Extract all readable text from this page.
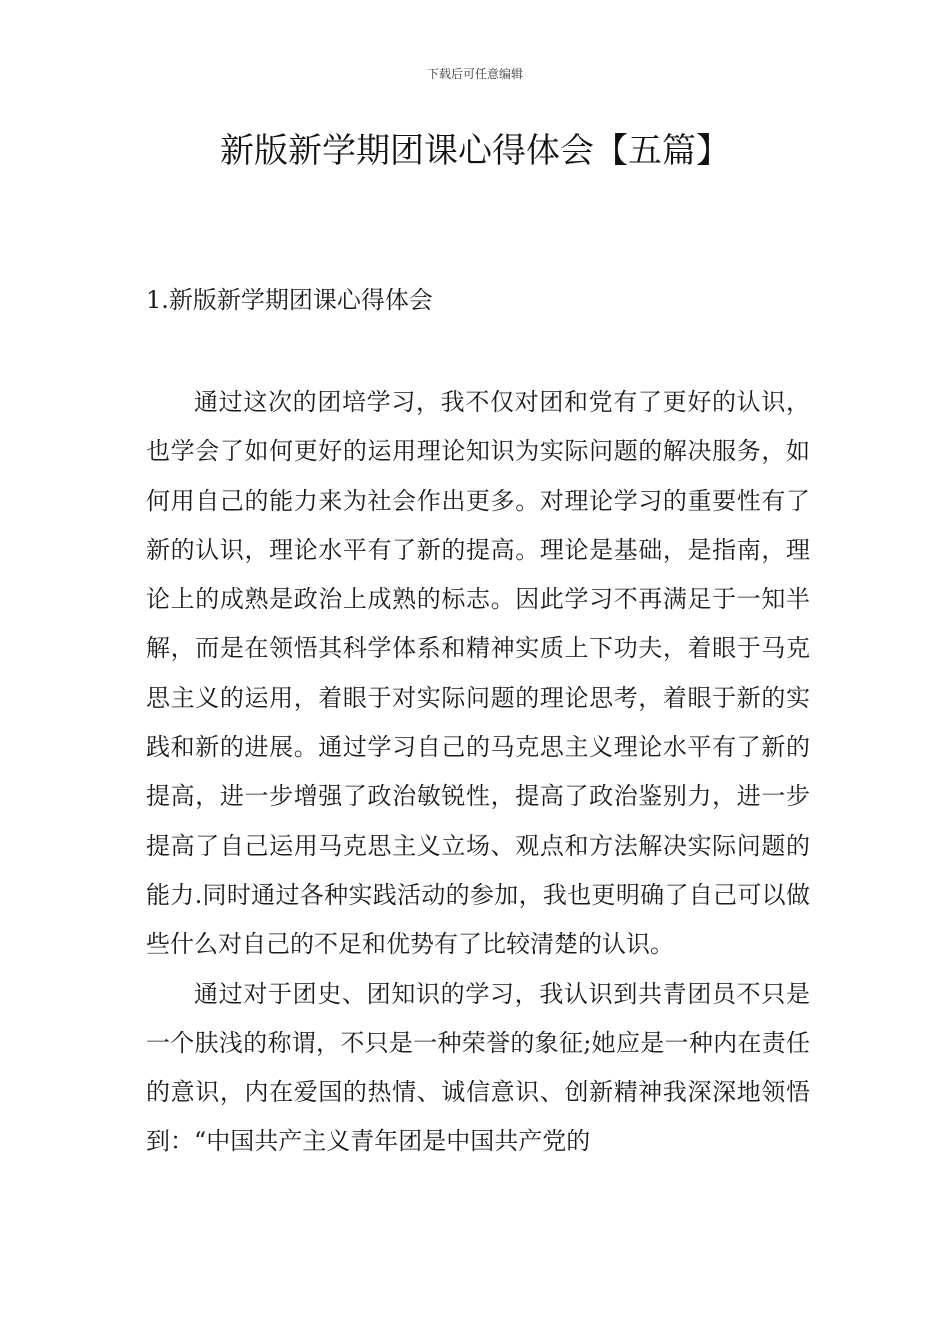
下载后可任意编辑
新版新学期团课心得体会【五篇】
1.新版新学期团课心得体会

通过这次的团培学习，我不仅对团和党有了更好的认识，也学会了如何更好的运用理论知识为实际问题的解决服务，如何用自己的能力来为社会作出更多。对理论学习的重要性有了新的认识，理论水平有了新的提高。理论是基础，是指南，理论上的成熟是政治上成熟的标志。因此学习不再满足于一知半解，而是在领悟其科学体系和精神实质上下功夫，着眼于马克思主义的运用，着眼于对实际问题的理论思考，着眼于新的实践和新的进展。通过学习自己的马克思主义理论水平有了新的提高，进一步增强了政治敏锐性，提高了政治鉴别力，进一步提高了自己运用马克思主义立场、观点和方法解决实际问题的能力.同时通过各种实践活动的参加，我也更明确了自己可以做些什么对自己的不足和优势有了比较清楚的认识。

通过对于团史、团知识的学习，我认识到共青团员不只是一个肤浅的称谓，不只是一种荣誉的象征;她应是一种内在责任的意识，内在爱国的热情、诚信意识、创新精神我深深地领悟到：“中国共产主义青年团是中国共产党的
